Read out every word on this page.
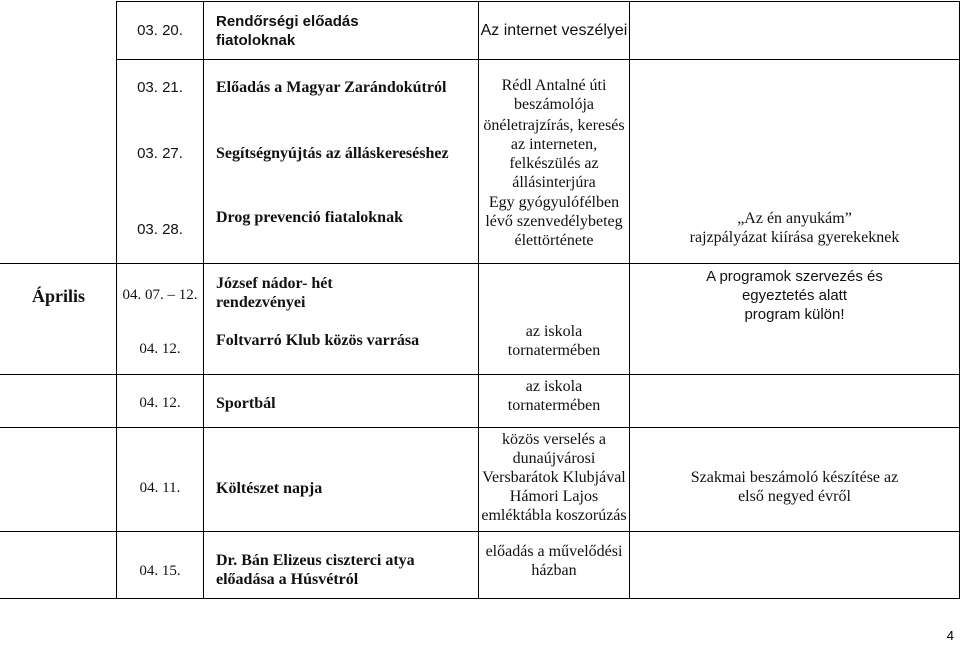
03. 20.
Rendőrségi előadás
fiatoloknak
Az internet veszélyei
03. 21. Előadás a Magyar Zarándokútról	Rédl Antalné úti
beszámolója
03. 27. Segítségnyújtás az álláskereséshez
önéletrajzírás, keresés
az interneten,
felkészülés az
állásinterjúra
03. 28.
Drog prevenció fiataloknak
Egy gyógyulófélben
lévő szenvedélybeteg
élettörténete
„Az én anyukám”
rajzpályázat kiírása gyerekeknek
Április 04. 07. – 12.
József nádor- hét
rendezvényei
A programok szervezés és
egyeztetés alatt
program külön!
04. 12. Foltvarró Klub közös varrása	az iskola
tornatermében
04. 12. Sportbál
az iskola
tornatermében
04. 11. Költészet napja
közös verselés a
dunaújvárosi
Versbarátok Klubjával
Hámori Lajos
emléktábla koszorúzás
Szakmai beszámoló készítése az
első negyed évről
04. 15.
Dr. Bán Elizeus ciszterci atya
előadása a Húsvétról
előadás a művelődési
házban
4
